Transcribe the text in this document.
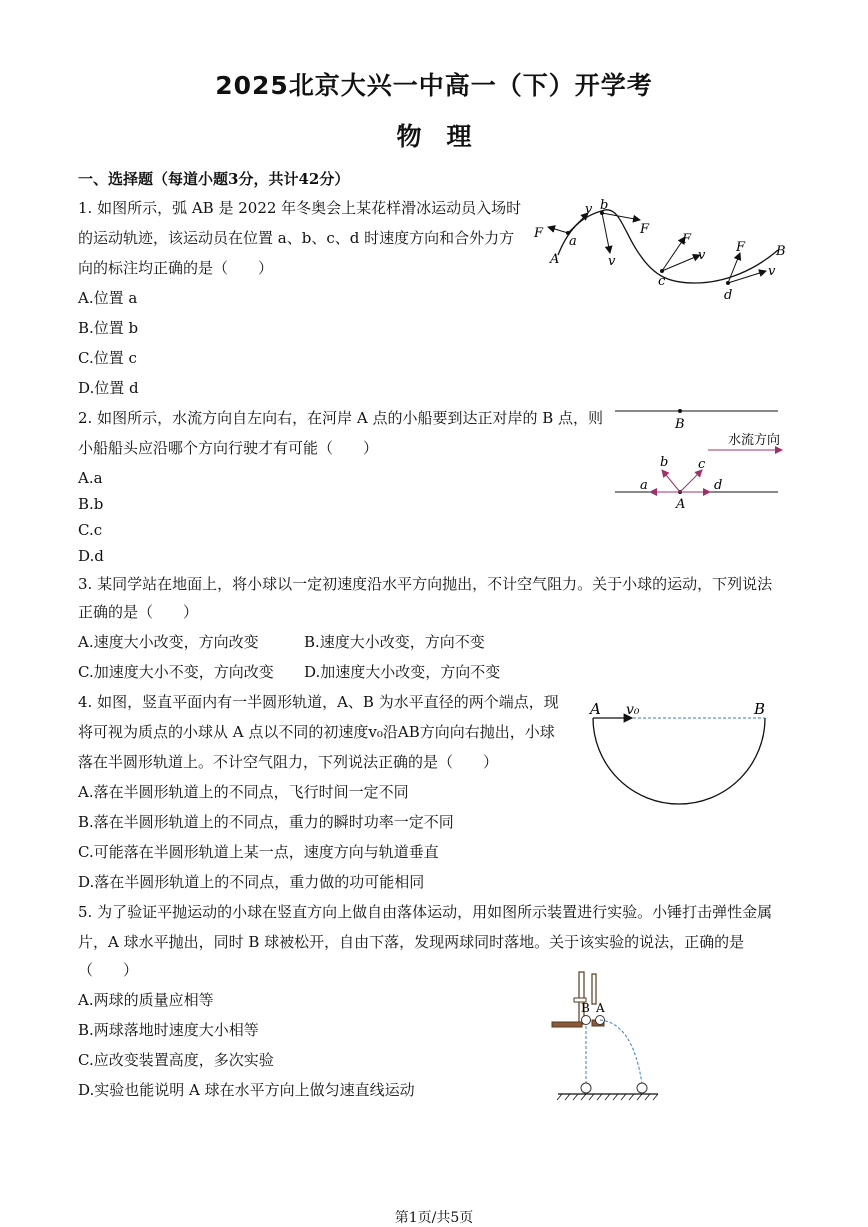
2025北京大兴一中高一（下）开学考
物　理
一、选择题（每道小题3分，共计42分）
1. 如图所示，弧 AB 是 2022 年冬奥会上某花样滑冰运动员入场时
的运动轨迹，该运动员在位置 a、b、c、d 时速度方向和合外力方
向的标注均正确的是（　　）
A.位置 a
B.位置 b
C.位置 c
D.位置 d
A
F
a
v b
F
v
F
v
c
F
v
d
B
2. 如图所示，水流方向自左向右，在河岸 A 点的小船要到达正对岸的 B 点，则
小船船头应沿哪个方向行驶才有可能（　　）
A.a
B.b
C.c
D.d
B
水流方向
a
b c
d
A
3. 某同学站在地面上，将小球以一定初速度沿水平方向抛出，不计空气阻力。关于小球的运动，下列说法
正确的是（　　）
A.速度大小改变，方向改变	B.速度大小改变，方向不变
C.加速度大小不变，方向改变 D.加速度大小改变，方向不变
4. 如图，竖直平面内有一半圆形轨道，A、B 为水平直径的两个端点，现
将可视为质点的小球从 A 点以不同的初速度v₀沿AB方向向右抛出，小球
落在半圆形轨道上。不计空气阻力，下列说法正确的是（　　）
A.落在半圆形轨道上的不同点，飞行时间一定不同
B.落在半圆形轨道上的不同点，重力的瞬时功率一定不同
C.可能落在半圆形轨道上某一点，速度方向与轨道垂直
D.落在半圆形轨道上的不同点，重力做的功可能相同
A v₀	B
5. 为了验证平抛运动的小球在竖直方向上做自由落体运动，用如图所示装置进行实验。小锤打击弹性金属
片，A 球水平抛出，同时 B 球被松开，自由下落，发现两球同时落地。关于该实验的说法，正确的是
（　　）
A.两球的质量应相等
B.两球落地时速度大小相等
C.应改变装置高度，多次实验
D.实验也能说明 A 球在水平方向上做匀速直线运动
B A
第1页/共5页
